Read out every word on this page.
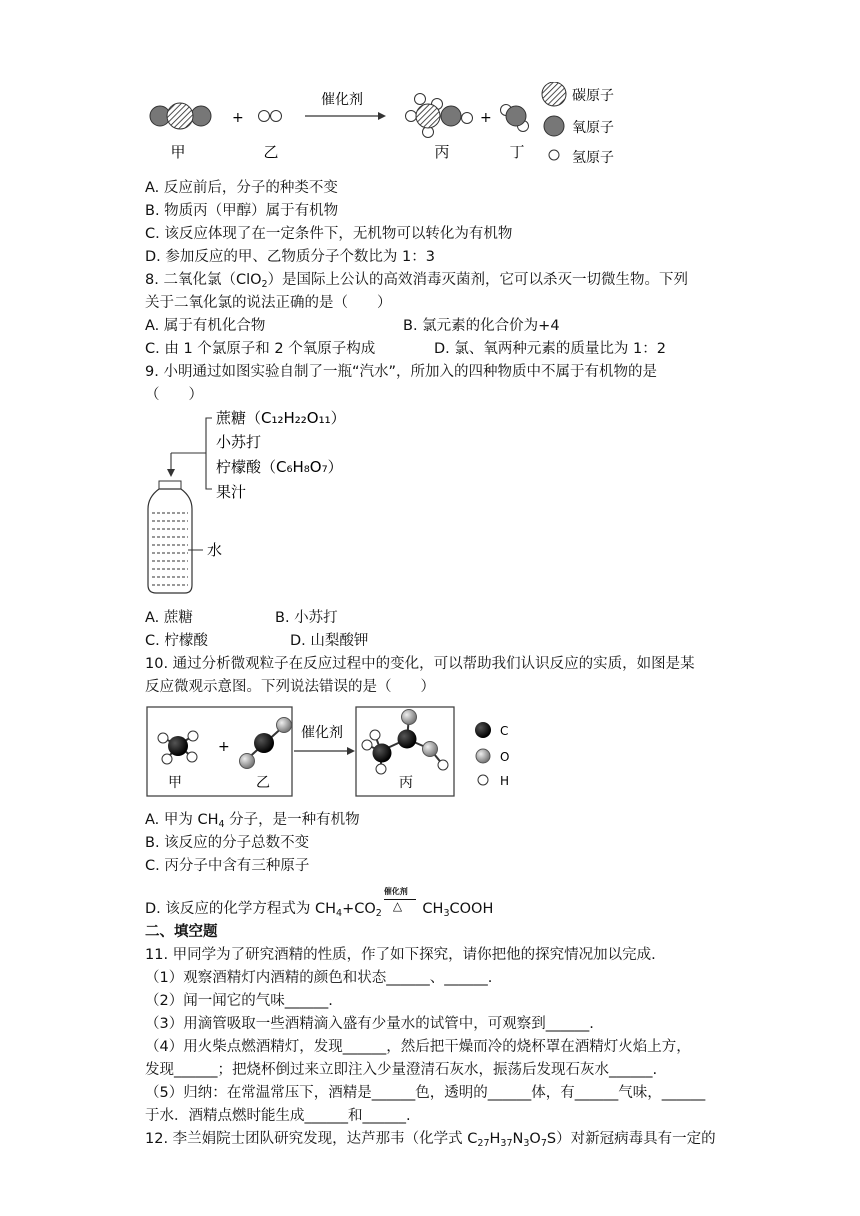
甲
+
乙
催化剂
丙
+
丁
碳原子
氧原子
氢原子
A. 反应前后，分子的种类不变
B. 物质丙（甲醇）属于有机物
C. 该反应体现了在一定条件下，无机物可以转化为有机物
D. 参加反应的甲、乙物质分子个数比为 1：3
8. 二氧化氯（ClO$_2$）是国际上公认的高效消毒灭菌剂，它可以杀灭一切微生物。下列
关于二氧化氯的说法正确的是（　　）
A. 属于有机化合物	B. 氯元素的化合价为+4
C. 由 1 个氯原子和 2 个氧原子构成	D. 氯、氧两种元素的质量比为 1：2
9. 小明通过如图实验自制了一瓶“汽水”，所加入的四种物质中不属于有机物的是
（　　）
蔗糖（C₁₂H₂₂O₁₁）
小苏打
柠檬酸（C₆H₈O₇）
果汁
水
A. 蔗糖	B. 小苏打
C. 柠檬酸	D. 山梨酸钾
10. 通过分析微观粒子在反应过程中的变化，可以帮助我们认识反应的实质，如图是某
反应微观示意图。下列说法错误的是（　　）
甲
+
乙
催化剂
丙
C
O
H
A. 甲为 $CH_4$ 分子，是一种有机物
B. 该反应的分子总数不变
C. 丙分子中含有三种原子
D. 该反应的化学方程式为 $CH_4+CO_2$
催化剂
△ $CH_3COOH$
二、填空题
11. 甲同学为了研究酒精的性质，作了如下探究，请你把他的探究情况加以完成.
（1）观察酒精灯内酒精的颜色和状态______、______.
（2）闻一闻它的气味______.
（3）用滴管吸取一些酒精滴入盛有少量水的试管中，可观察到______.
（4）用火柴点燃酒精灯，发现______，然后把干燥而冷的烧杯罩在酒精灯火焰上方，
发现______；把烧杯倒过来立即注入少量澄清石灰水，振荡后发现石灰水______.
（5）归纳：在常温常压下，酒精是______色，透明的______体，有______气味，______
于水．酒精点燃时能生成______和______.
12. 李兰娟院士团队研究发现，达芦那韦（化学式 $C_{27}H_{37}N_3O_7S$）对新冠病毒具有一定的
